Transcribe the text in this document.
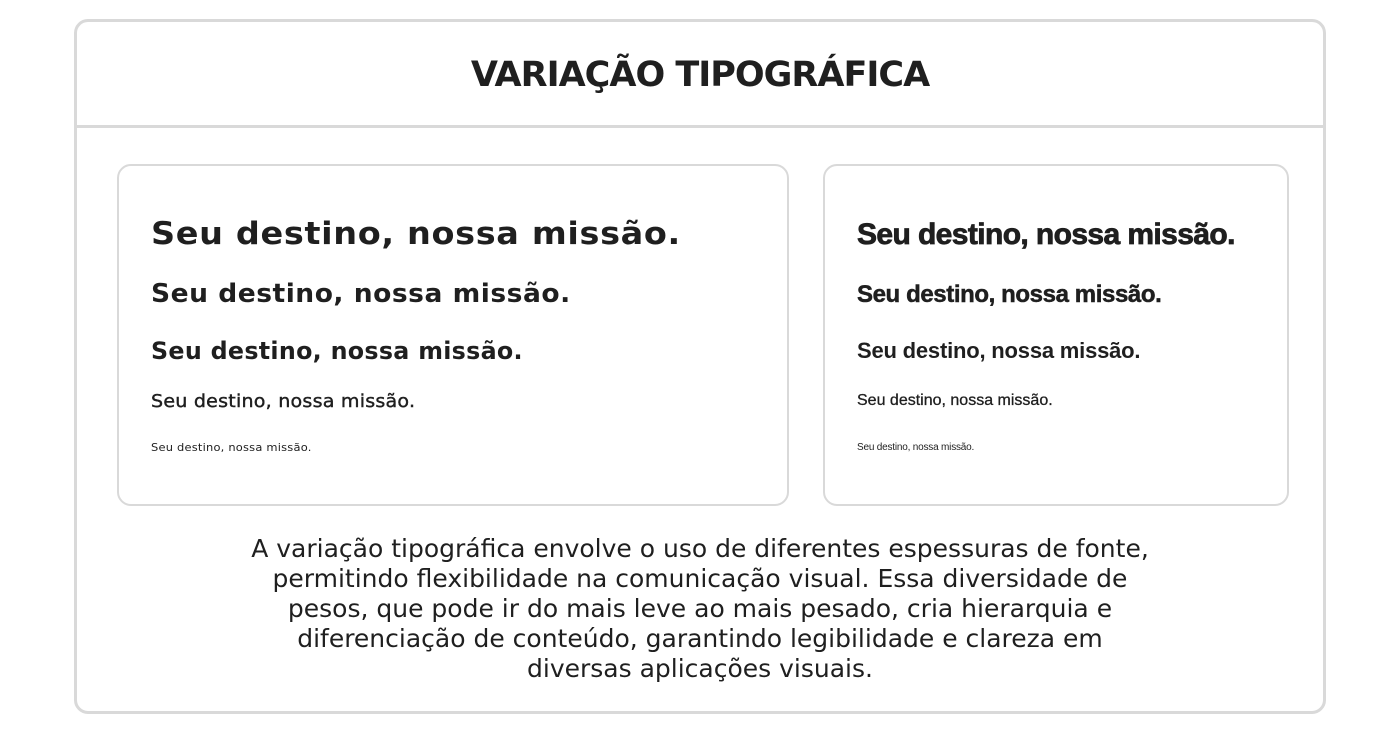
VARIAÇÃO TIPOGRÁFICA

Seu destino, nossa missão.

Seu destino, nossa missão.

Seu destino, nossa missão.

Seu destino, nossa missão.

Seu destino, nossa missão.

Seu destino, nossa missão.

Seu destino, nossa missão.

Seu destino, nossa missão.

Seu destino, nossa missão.

Seu destino, nossa missão.

A variação tipográfica envolve o uso de diferentes espessuras de fonte, permitindo flexibilidade na comunicação visual. Essa diversidade de pesos, que pode ir do mais leve ao mais pesado, cria hierarquia e diferenciação de conteúdo, garantindo legibilidade e clareza em diversas aplicações visuais.
